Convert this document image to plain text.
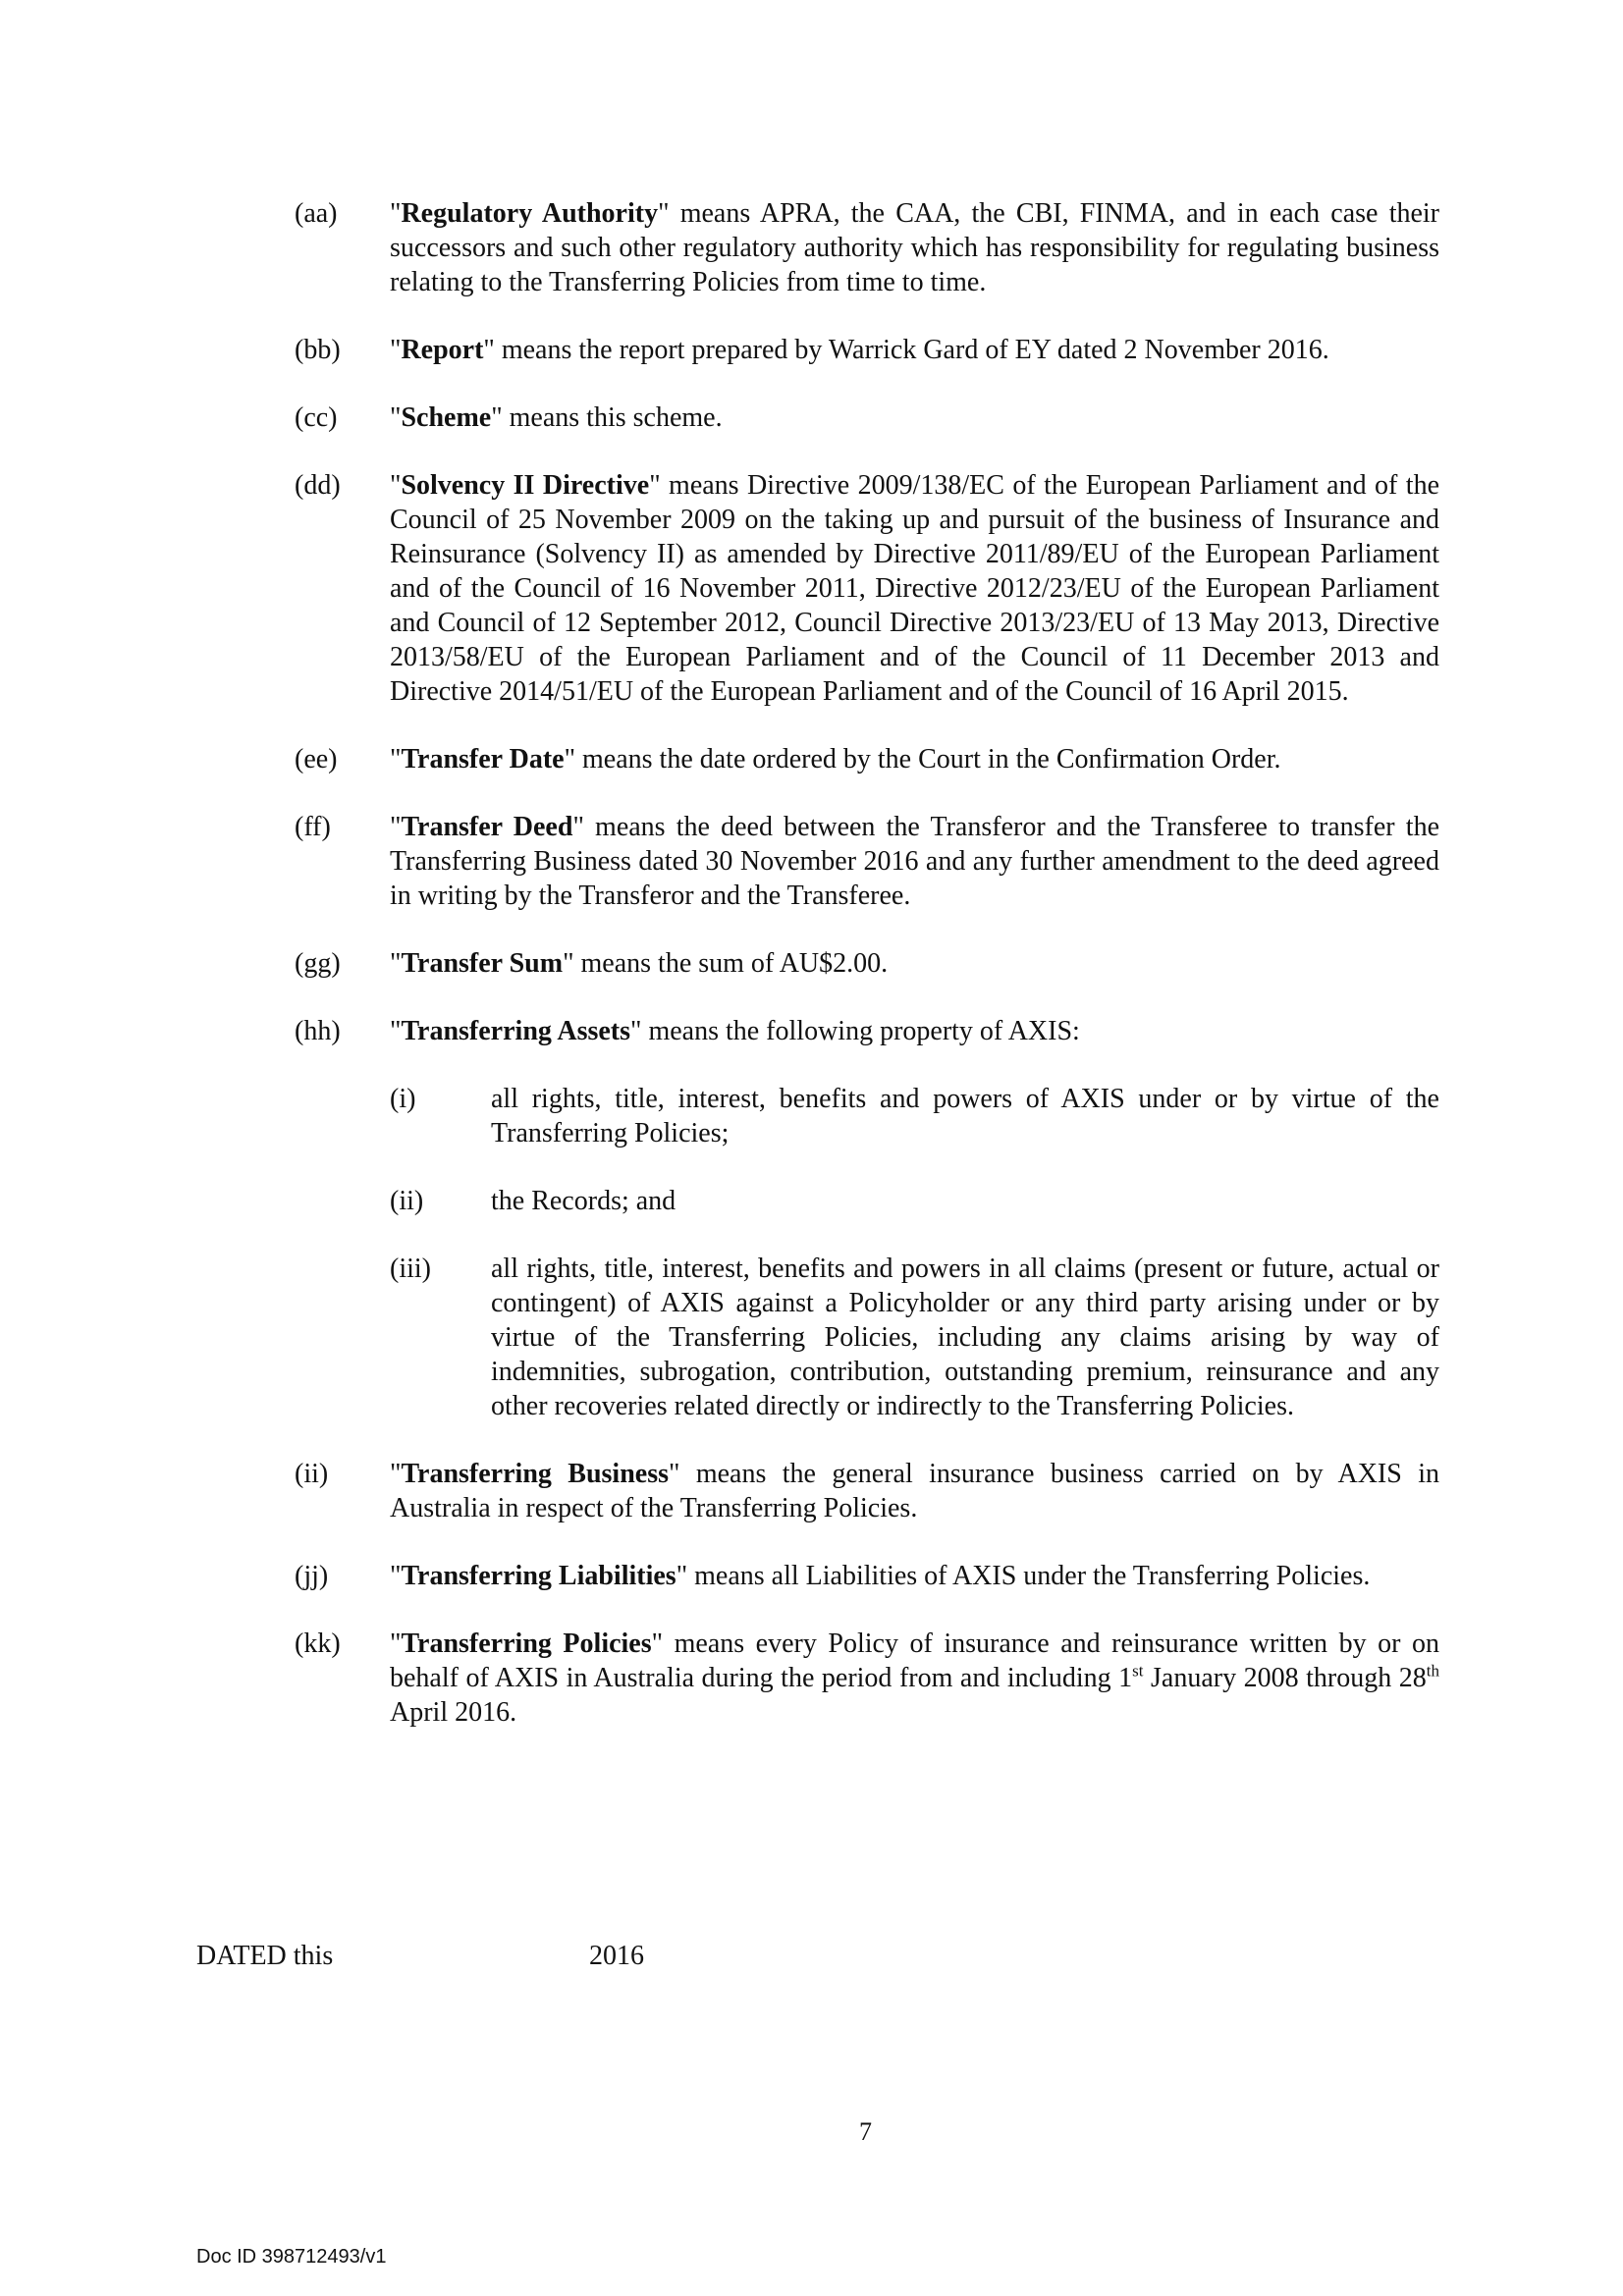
(aa) "Regulatory Authority" means APRA, the CAA, the CBI, FINMA, and in each case their successors and such other regulatory authority which has responsibility for regulating business relating to the Transferring Policies from time to time.
(bb) "Report" means the report prepared by Warrick Gard of EY dated 2 November 2016.
(cc) "Scheme" means this scheme.
(dd) "Solvency II Directive" means Directive 2009/138/EC of the European Parliament and of the Council of 25 November 2009 on the taking up and pursuit of the business of Insurance and Reinsurance (Solvency II) as amended by Directive 2011/89/EU of the European Parliament and of the Council of 16 November 2011, Directive 2012/23/EU of the European Parliament and Council of 12 September 2012, Council Directive 2013/23/EU of 13 May 2013, Directive 2013/58/EU of the European Parliament and of the Council of 11 December 2013 and Directive 2014/51/EU of the European Parliament and of the Council of 16 April 2015.
(ee) "Transfer Date" means the date ordered by the Court in the Confirmation Order.
(ff) "Transfer Deed" means the deed between the Transferor and the Transferee to transfer the Transferring Business dated 30 November 2016 and any further amendment to the deed agreed in writing by the Transferor and the Transferee.
(gg) "Transfer Sum" means the sum of AU$2.00.
(hh) "Transferring Assets" means the following property of AXIS:
(i)	all rights, title, interest, benefits and powers of AXIS under or by virtue of the Transferring Policies;
(ii) the Records; and
(iii) all rights, title, interest, benefits and powers in all claims (present or future, actual or contingent) of AXIS against a Policyholder or any third party arising under or by virtue of the Transferring Policies, including any claims arising by way of indemnities, subrogation, contribution, outstanding premium, reinsurance and any other recoveries related directly or indirectly to the Transferring Policies.
(ii) "Transferring Business" means the general insurance business carried on by AXIS in Australia in respect of the Transferring Policies.
(jj) "Transferring Liabilities" means all Liabilities of AXIS under the Transferring Policies.
(kk) "Transferring Policies" means every Policy of insurance and reinsurance written by or on behalf of AXIS in Australia during the period from and including 1st January 2008 through 28th April 2016.
DATED this	2016
7
Doc ID 398712493/v1
